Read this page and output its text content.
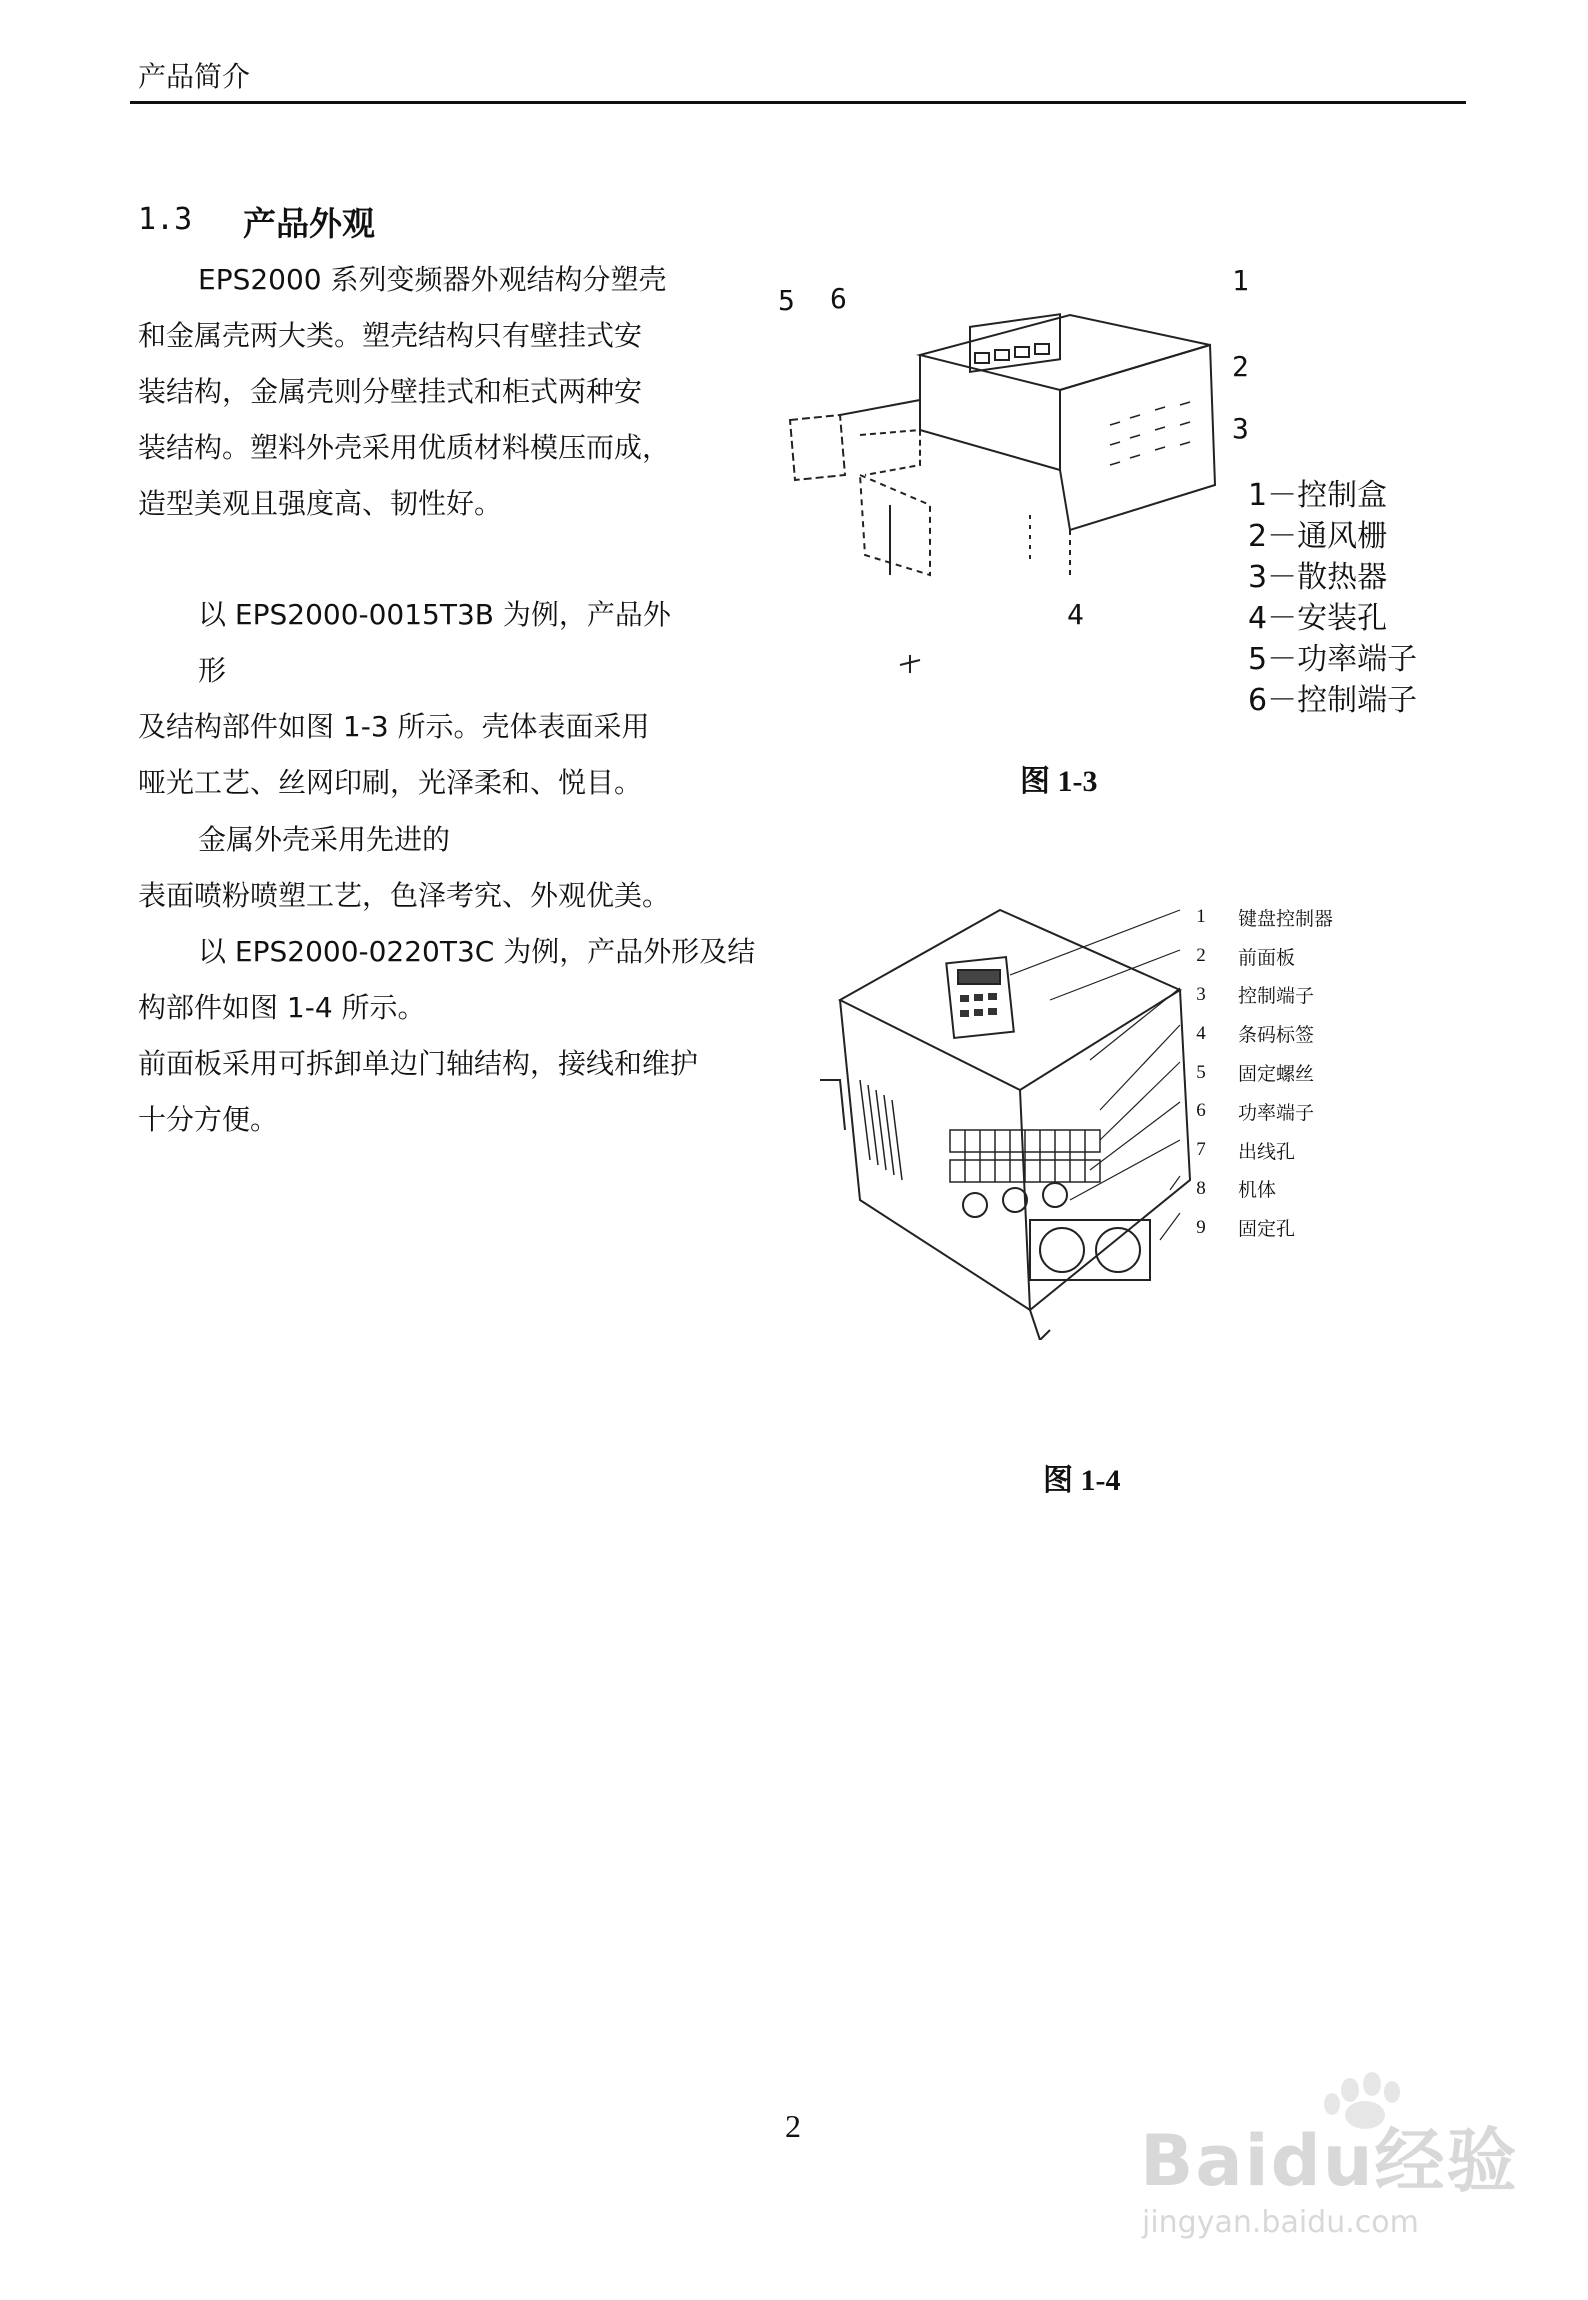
产品简介
1.3 产品外观
EPS2000 系列变频器外观结构分塑壳
和金属壳两大类。塑壳结构只有壁挂式安
装结构，金属壳则分壁挂式和柜式两种安
装结构。塑料外壳采用优质材料模压而成，
造型美观且强度高、韧性好。
以 EPS2000-0015T3B 为例，产品外形
及结构部件如图 1-3 所示。壳体表面采用
哑光工艺、丝网印刷，光泽柔和、悦目。
金属外壳采用先进的
表面喷粉喷塑工艺，色泽考究、外观优美。
以 EPS2000-0220T3C 为例，产品外形及结
构部件如图 1-4 所示。
前面板采用可拆卸单边门轴结构，接线和维护
十分方便。
5 6
1
2
3
4
1－控制盒
2－通风栅
3－散热器
4－安装孔
5－功率端子
6－控制端子
图 1-3
1	键盘控制器
2	前面板
3	控制端子
4	条码标签
5	固定螺丝
6	功率端子
7	出线孔
8	机体
9	固定孔
图 1-4
2	Baidu经验
jingyan.baidu.com
